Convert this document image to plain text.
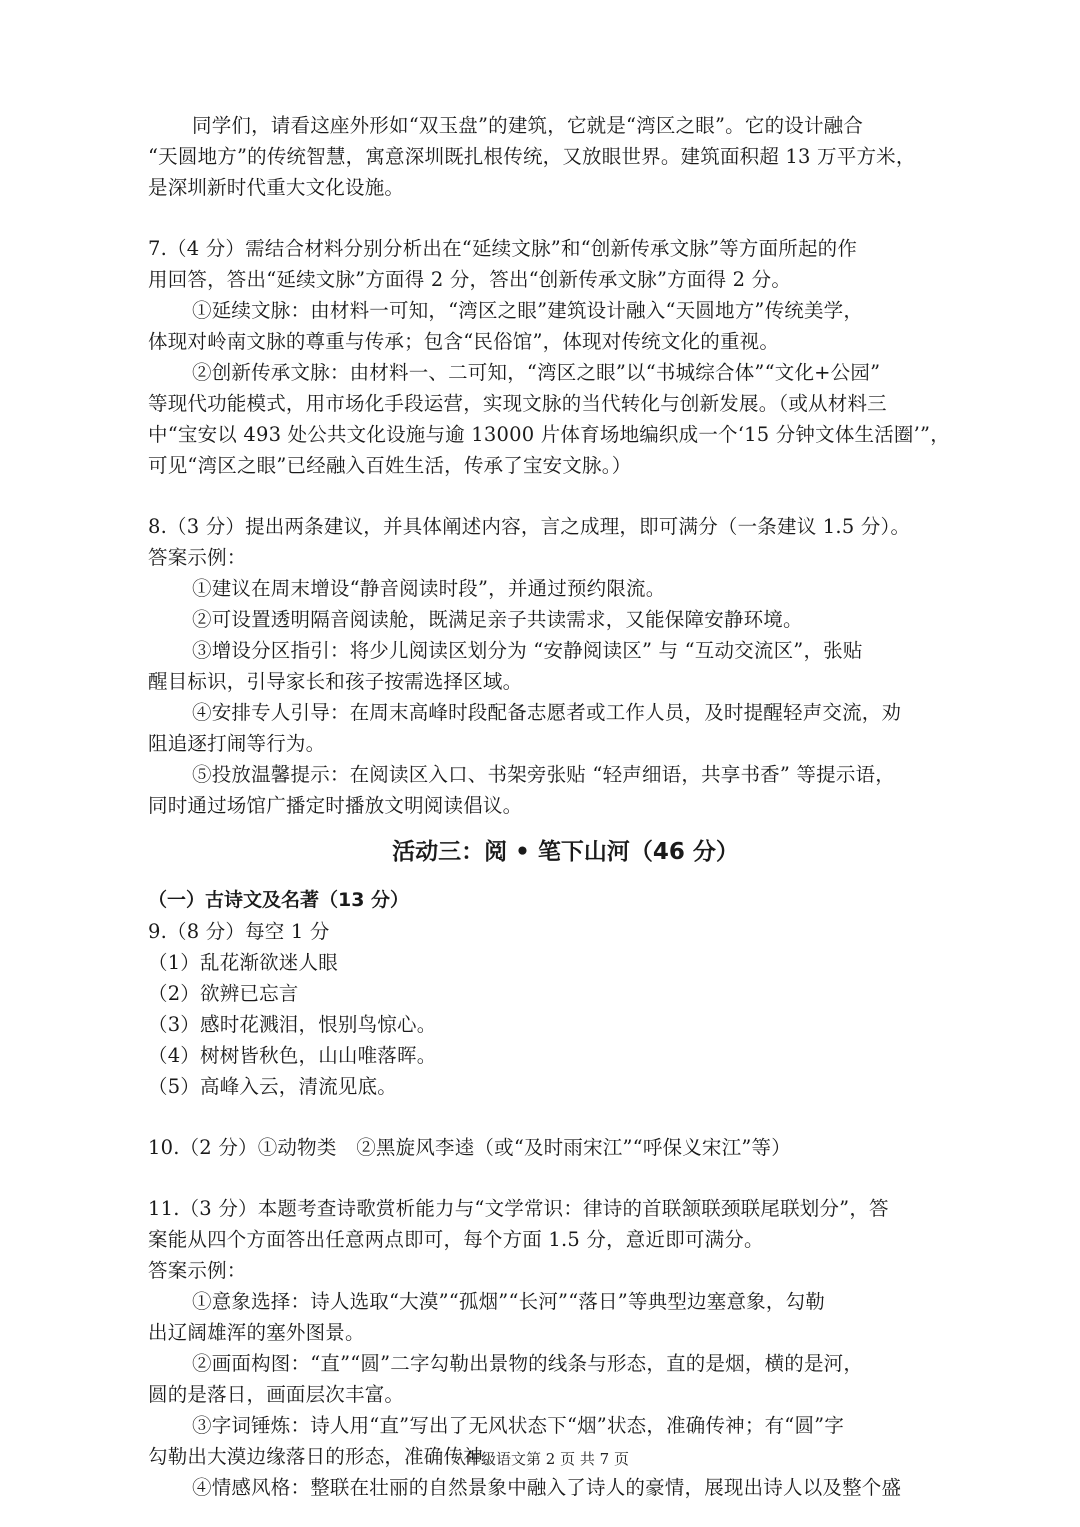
同学们，请看这座外形如“双玉盘”的建筑，它就是“湾区之眼”。它的设计融合
“天圆地方”的传统智慧，寓意深圳既扎根传统，又放眼世界。建筑面积超 13 万平方米，
是深圳新时代重大文化设施。
7.（4 分）需结合材料分别分析出在“延续文脉”和“创新传承文脉”等方面所起的作
用回答，答出“延续文脉”方面得 2 分，答出“创新传承文脉”方面得 2 分。
①延续文脉：由材料一可知，“湾区之眼”建筑设计融入“天圆地方”传统美学，
体现对岭南文脉的尊重与传承；包含“民俗馆”，体现对传统文化的重视。
②创新传承文脉：由材料一、二可知，“湾区之眼”以“书城综合体”“文化+公园”
等现代功能模式，用市场化手段运营，实现文脉的当代转化与创新发展。（或从材料三
中“宝安以 493 处公共文化设施与逾 13000 片体育场地编织成一个‘15 分钟文体生活圈’”，
可见“湾区之眼”已经融入百姓生活，传承了宝安文脉。）
8.（3 分）提出两条建议，并具体阐述内容，言之成理，即可满分（一条建议 1.5 分）。
答案示例：
①建议在周末增设“静音阅读时段”，并通过预约限流。
②可设置透明隔音阅读舱，既满足亲子共读需求，又能保障安静环境。
③增设分区指引：将少儿阅读区划分为 “安静阅读区” 与 “互动交流区”，张贴
醒目标识，引导家长和孩子按需选择区域。
④安排专人引导：在周末高峰时段配备志愿者或工作人员，及时提醒轻声交流，劝
阻追逐打闹等行为。
⑤投放温馨提示：在阅读区入口、书架旁张贴 “轻声细语，共享书香” 等提示语，
同时通过场馆广播定时播放文明阅读倡议。
活动三：阅 • 笔下山河（46 分）
（一）古诗文及名著（13 分）
9.（8 分）每空 1 分
（1）乱花渐欲迷人眼
（2）欲辨已忘言
（3）感时花溅泪，恨别鸟惊心。
（4）树树皆秋色，山山唯落晖。
（5）高峰入云，清流见底。
10.（2 分）①动物类　②黑旋风李逵（或“及时雨宋江”“呼保义宋江”等）
11.（3 分）本题考查诗歌赏析能力与“文学常识：律诗的首联颔联颈联尾联划分”，答
案能从四个方面答出任意两点即可，每个方面 1.5 分，意近即可满分。
答案示例：
①意象选择：诗人选取“大漠”“孤烟”“长河”“落日”等典型边塞意象，勾勒
出辽阔雄浑的塞外图景。
②画面构图：“直”“圆”二字勾勒出景物的线条与形态，直的是烟，横的是河，
圆的是落日，画面层次丰富。
③字词锤炼：诗人用“直”写出了无风状态下“烟”状态，准确传神；有“圆”字
勾勒出大漠边缘落日的形态，准确传神。
④情感风格：整联在壮丽的自然景象中融入了诗人的豪情，展现出诗人以及整个盛
八年级语文第 2 页 共 7 页
